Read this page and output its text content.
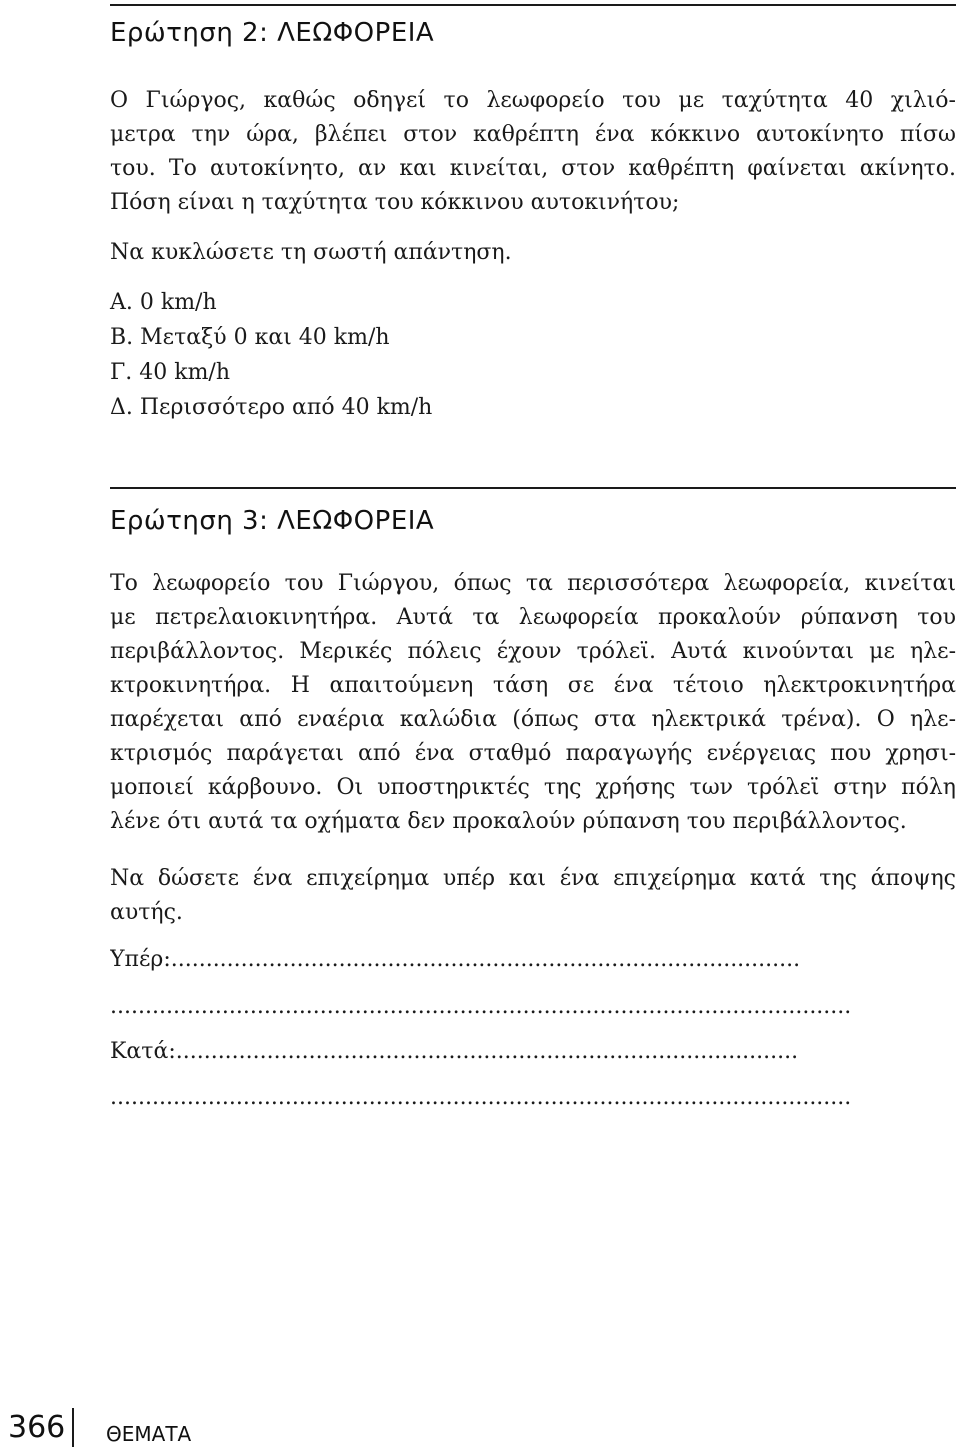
Ερώτηση 2: ΛΕΩΦΟΡΕΙΑ
Ο Γιώργος, καθώς οδηγεί το λεωφορείο του με ταχύτητα 40 χιλιό-
μετρα την ώρα, βλέπει στον καθρέπτη ένα κόκκινο αυτοκίνητο πίσω
του. Το αυτοκίνητο, αν και κινείται, στον καθρέπτη φαίνεται ακίνητο.
Πόση είναι η ταχύτητα του κόκκινου αυτοκινήτου;
Να κυκλώσετε τη σωστή απάντηση.
Α. 0 km/h
Β. Μεταξύ 0 και 40 km/h
Γ. 40 km/h
Δ. Περισσότερο από 40 km/h
Ερώτηση 3: ΛΕΩΦΟΡΕΙΑ
Το λεωφορείο του Γιώργου, όπως τα περισσότερα λεωφορεία, κινείται
με πετρελαιοκινητήρα. Αυτά τα λεωφορεία προκαλούν ρύπανση του
περιβάλλοντος. Μερικές πόλεις έχουν τρόλεϊ. Αυτά κινούνται με ηλε-
κτροκινητήρα. Η απαιτούμενη τάση σε ένα τέτοιο ηλεκτροκινητήρα
παρέχεται από εναέρια καλώδια (όπως στα ηλεκτρικά τρένα). Ο ηλε-
κτρισμός παράγεται από ένα σταθμό παραγωγής ενέργειας που χρησι-
μοποιεί κάρβουνο. Οι υποστηρικτές της χρήσης των τρόλεϊ στην πόλη
λένε ότι αυτά τα οχήματα δεν προκαλούν ρύπανση του περιβάλλοντος.
Να δώσετε ένα επιχείρημα υπέρ και ένα επιχείρημα κατά της άποψης
αυτής.
Υπέρ:..........................................................................................
..........................................................................................................
Κατά:.........................................................................................
..........................................................................................................
366 ΘΕΜΑΤΑ
